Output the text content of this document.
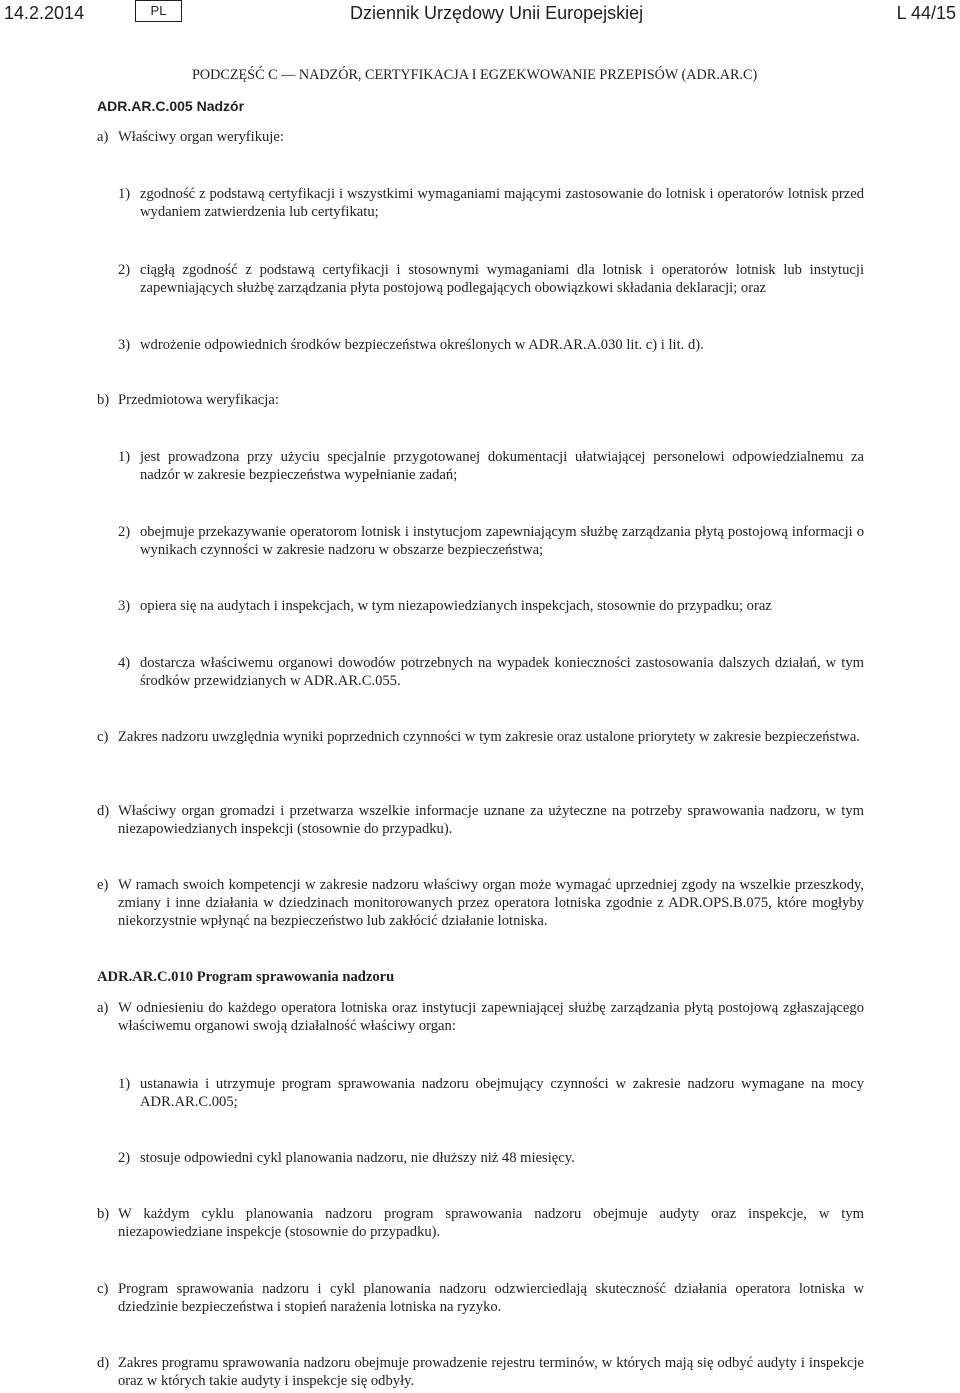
14.2.2014	PL	Dziennik Urzędowy Unii Europejskiej	L 44/15
PODCZĘŚĆ C — NADZÓR, CERTYFIKACJA I EGZEKWOWANIE PRZEPISÓW (ADR.AR.C)
ADR.AR.C.005 Nadzór
a) Właściwy organ weryfikuje:
1) zgodność z podstawą certyfikacji i wszystkimi wymaganiami mającymi zastosowanie do lotnisk i operatorów lotnisk przed wydaniem zatwierdzenia lub certyfikatu;
2) ciągłą zgodność z podstawą certyfikacji i stosownymi wymaganiami dla lotnisk i operatorów lotnisk lub instytucji zapewniających służbę zarządzania płyta postojową podlegających obowiązkowi składania deklaracji; oraz
3) wdrożenie odpowiednich środków bezpieczeństwa określonych w ADR.AR.A.030 lit. c) i lit. d).
b) Przedmiotowa weryfikacja:
1) jest prowadzona przy użyciu specjalnie przygotowanej dokumentacji ułatwiającej personelowi odpowiedzialnemu za nadzór w zakresie bezpieczeństwa wypełnianie zadań;
2) obejmuje przekazywanie operatorom lotnisk i instytucjom zapewniającym służbę zarządzania płytą postojową informacji o wynikach czynności w zakresie nadzoru w obszarze bezpieczeństwa;
3) opiera się na audytach i inspekcjach, w tym niezapowiedzianych inspekcjach, stosownie do przypadku; oraz
4) dostarcza właściwemu organowi dowodów potrzebnych na wypadek konieczności zastosowania dalszych działań, w tym środków przewidzianych w ADR.AR.C.055.
c) Zakres nadzoru uwzględnia wyniki poprzednich czynności w tym zakresie oraz ustalone priorytety w zakresie bezpieczeństwa.
d) Właściwy organ gromadzi i przetwarza wszelkie informacje uznane za użyteczne na potrzeby sprawowania nadzoru, w tym niezapowiedzianych inspekcji (stosownie do przypadku).
e) W ramach swoich kompetencji w zakresie nadzoru właściwy organ może wymagać uprzedniej zgody na wszelkie przeszkody, zmiany i inne działania w dziedzinach monitorowanych przez operatora lotniska zgodnie z ADR.OPS.B.075, które mogłyby niekorzystnie wpłynąć na bezpieczeństwo lub zakłócić działanie lotniska.
ADR.AR.C.010 Program sprawowania nadzoru
a) W odniesieniu do każdego operatora lotniska oraz instytucji zapewniającej służbę zarządzania płytą postojową zgłaszającego właściwemu organowi swoją działalność właściwy organ:
1) ustanawia i utrzymuje program sprawowania nadzoru obejmujący czynności w zakresie nadzoru wymagane na mocy ADR.AR.C.005;
2) stosuje odpowiedni cykl planowania nadzoru, nie dłuższy niż 48 miesięcy.
b) W każdym cyklu planowania nadzoru program sprawowania nadzoru obejmuje audyty oraz inspekcje, w tym niezapowiedziane inspekcje (stosownie do przypadku).
c) Program sprawowania nadzoru i cykl planowania nadzoru odzwierciedlają skuteczność działania operatora lotniska w dziedzinie bezpieczeństwa i stopień narażenia lotniska na ryzyko.
d) Zakres programu sprawowania nadzoru obejmuje prowadzenie rejestru terminów, w których mają się odbyć audyty i inspekcje oraz w których takie audyty i inspekcje się odbyły.
